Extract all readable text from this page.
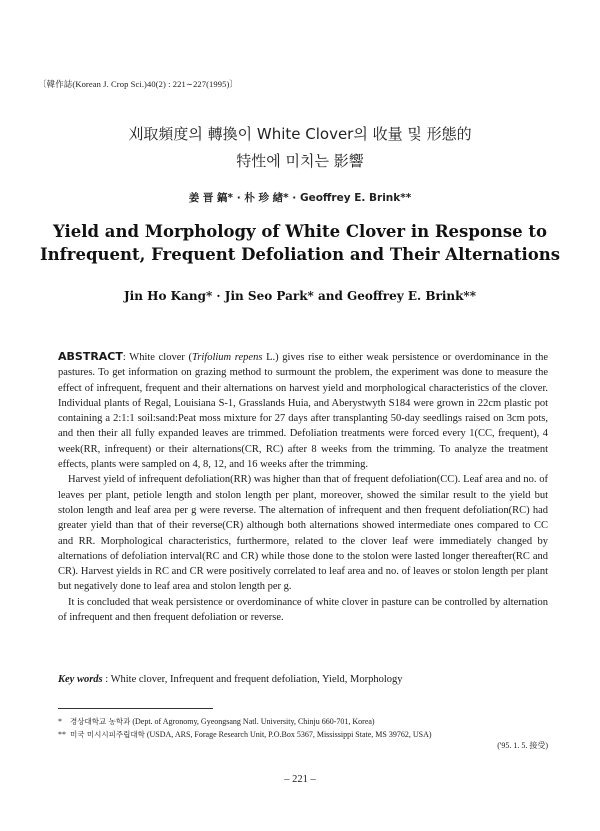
〔韓作誌(Korean J. Crop Sci.)40(2) : 221∼227(1995)〕
刈取頻度의 轉換이 White Clover의 收量 및 形態的
特性에 미치는 影響
姜 晋 鎬* · 朴 珍 緖* · Geoffrey E. Brink**
Yield and Morphology of White Clover in Response to
Infrequent, Frequent Defoliation and Their Alternations
Jin Ho Kang* · Jin Seo Park* and Geoffrey E. Brink**

ABSTRACT: White clover (Trifolium repens L.) gives rise to either weak persistence or overdominance in the pastures. To get information on grazing method to surmount the problem, the experiment was done to measure the effect of infrequent, frequent and their alternations on harvest yield and morphological characteristics of the clover. Individual plants of Regal, Louisiana S-1, Grasslands Huia, and Aberystwyth S184 were grown in 22cm plastic pot containing a 2:1:1 soil:sand:Peat moss mixture for 27 days after transplanting 50-day seedlings raised on 3cm pots, and then their all fully expanded leaves are trimmed. Defoliation treatments were forced every 1(CC, frequent), 4 week(RR, infrequent) or their alternations(CR, RC) after 8 weeks from the trimming. To analyze the treatment effects, plants were sampled on 4, 8, 12, and 16 weeks after the trimming.

Harvest yield of infrequent defoliation(RR) was higher than that of frequent defoliation(CC). Leaf area and no. of leaves per plant, petiole length and stolon length per plant, moreover, showed the similar result to the yield but stolon length and leaf area per g were reverse. The alternation of infrequent and then frequent defoliation(RC) had greater yield than that of their reverse(CR) although both alternations showed intermediate ones compared to CC and RR. Morphological characteristics, furthermore, related to the clover leaf were immediately changed by alternations of defoliation interval(RC and CR) while those done to the stolon were lasted longer thereafter(RC and CR). Harvest yields in RC and CR were positively correlated to leaf area and no. of leaves or stolon length per plant but negatively done to leaf area and stolon length per g.

It is concluded that weak persistence or overdominance of white clover in pasture can be controlled by alternation of infrequent and then frequent defoliation or reverse.

Key words : White clover, Infrequent and frequent defoliation, Yield, Morphology
* 경상대학교 농학과 (Dept. of Agronomy, Gyeongsang Natl. University, Chinju 660-701, Korea)
** 미국 미시시피주립대학 (USDA, ARS, Forage Research Unit, P.O.Box 5367, Mississippi State, MS 39762, USA)
('95. 1. 5. 接受)
– 221 –
